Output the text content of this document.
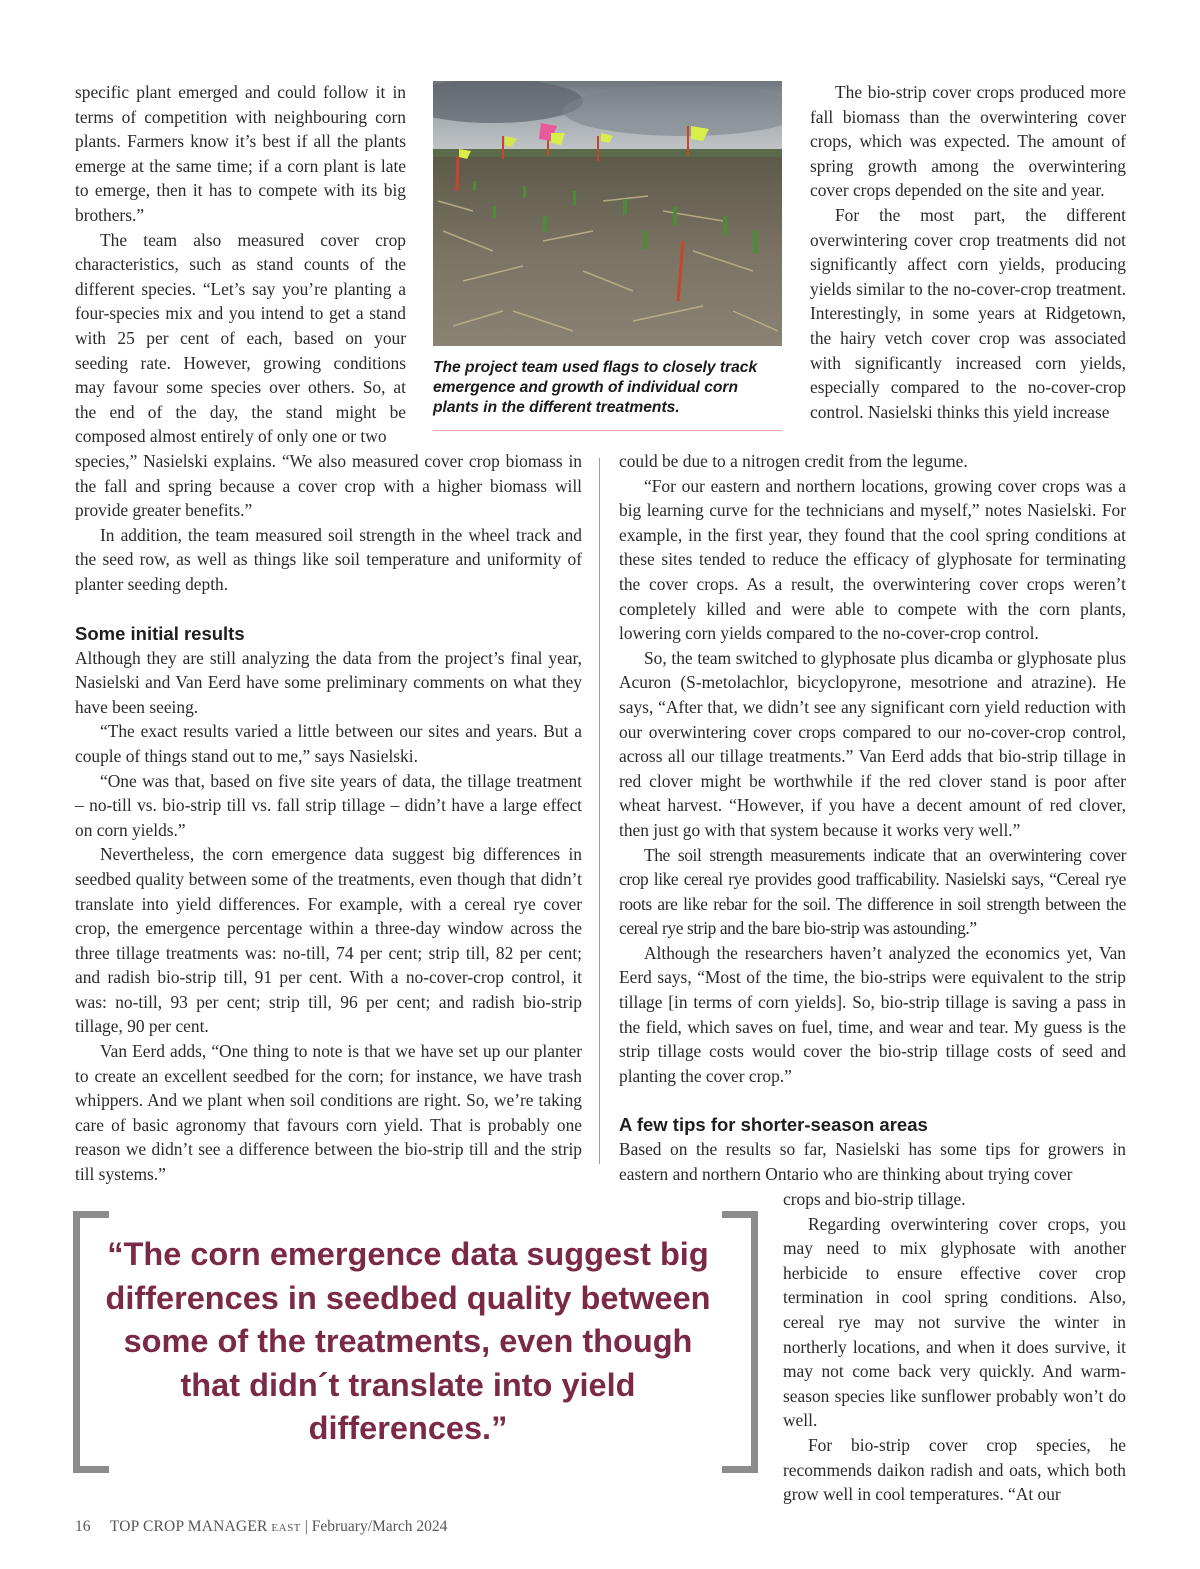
specific plant emerged and could follow it in terms of competition with neighbouring corn plants. Farmers know it’s best if all the plants emerge at the same time; if a corn plant is late to emerge, then it has to compete with its big brothers.”

The team also measured cover crop characteristics, such as stand counts of the different species. “Let’s say you’re planting a four-species mix and you intend to get a stand with 25 per cent of each, based on your seeding rate. However, growing conditions may favour some species over others. So, at the end of the day, the stand might be composed almost entirely of only one or two

The project team used flags to closely track emergence and growth of individual corn plants in the different treatments.

species,” Nasielski explains. “We also measured cover crop biomass in the fall and spring because a cover crop with a higher biomass will provide greater benefits.”

In addition, the team measured soil strength in the wheel track and the seed row, as well as things like soil temperature and uniformity of planter seeding depth.

Some initial results

Although they are still analyzing the data from the project’s final year, Nasielski and Van Eerd have some preliminary comments on what they have been seeing.

“The exact results varied a little between our sites and years. But a couple of things stand out to me,” says Nasielski.

“One was that, based on five site years of data, the tillage treatment – no-till vs. bio-strip till vs. fall strip tillage – didn’t have a large effect on corn yields.”

Nevertheless, the corn emergence data suggest big differences in seedbed quality between some of the treatments, even though that didn’t translate into yield differences. For example, with a cereal rye cover crop, the emergence percentage within a three-day window across the three tillage treatments was: no-till, 74 per cent; strip till, 82 per cent; and radish bio-strip till, 91 per cent. With a no-cover-crop control, it was: no-till, 93 per cent; strip till, 96 per cent; and radish bio-strip tillage, 90 per cent.

Van Eerd adds, “One thing to note is that we have set up our planter to create an excellent seedbed for the corn; for instance, we have trash whippers. And we plant when soil conditions are right. So, we’re taking care of basic agronomy that favours corn yield. That is probably one reason we didn’t see a difference between the bio-strip till and the strip till systems.”

The bio-strip cover crops produced more fall biomass than the overwintering cover crops, which was expected. The amount of spring growth among the overwintering cover crops depended on the site and year.

For the most part, the different overwintering cover crop treatments did not significantly affect corn yields, producing yields similar to the no-cover-crop treatment. Interestingly, in some years at Ridgetown, the hairy vetch cover crop was associated with significantly increased corn yields, especially compared to the no-cover-crop control. Nasielski thinks this yield increase

could be due to a nitrogen credit from the legume.

“For our eastern and northern locations, growing cover crops was a big learning curve for the technicians and myself,” notes Nasielski. For example, in the first year, they found that the cool spring conditions at these sites tended to reduce the efficacy of glyphosate for terminating the cover crops. As a result, the overwintering cover crops weren’t completely killed and were able to compete with the corn plants, lowering corn yields compared to the no-cover-crop control.

So, the team switched to glyphosate plus dicamba or glyphosate plus Acuron (S-metolachlor, bicyclopyrone, mesotrione and atrazine). He says, “After that, we didn’t see any significant corn yield reduction with our overwintering cover crops compared to our no-cover-crop control, across all our tillage treatments.” Van Eerd adds that bio-strip tillage in red clover might be worthwhile if the red clover stand is poor after wheat harvest. “However, if you have a decent amount of red clover, then just go with that system because it works very well.”

The soil strength measurements indicate that an overwintering cover crop like cereal rye provides good trafficability. Nasielski says, “Cereal rye roots are like rebar for the soil. The difference in soil strength between the cereal rye strip and the bare bio-strip was astounding.”

Although the researchers haven’t analyzed the economics yet, Van Eerd says, “Most of the time, the bio-strips were equivalent to the strip tillage [in terms of corn yields]. So, bio-strip tillage is saving a pass in the field, which saves on fuel, time, and wear and tear. My guess is the strip tillage costs would cover the bio-strip tillage costs of seed and planting the cover crop.”

A few tips for shorter-season areas

Based on the results so far, Nasielski has some tips for growers in eastern and northern Ontario who are thinking about trying cover

crops and bio-strip tillage.

Regarding overwintering cover crops, you may need to mix glyphosate with another herbicide to ensure effective cover crop termination in cool spring conditions. Also, cereal rye may not survive the winter in northerly locations, and when it does survive, it may not come back very quickly. And warm-season species like sunflower probably won’t do well.

For bio-strip cover crop species, he recommends daikon radish and oats, which both grow well in cool temperatures. “At our

“The corn emergence data suggest big differences in seedbed quality between some of the treatments, even though that didn´t translate into yield differences.”
16 TOP CROP MANAGER EAST | February/March 2024
